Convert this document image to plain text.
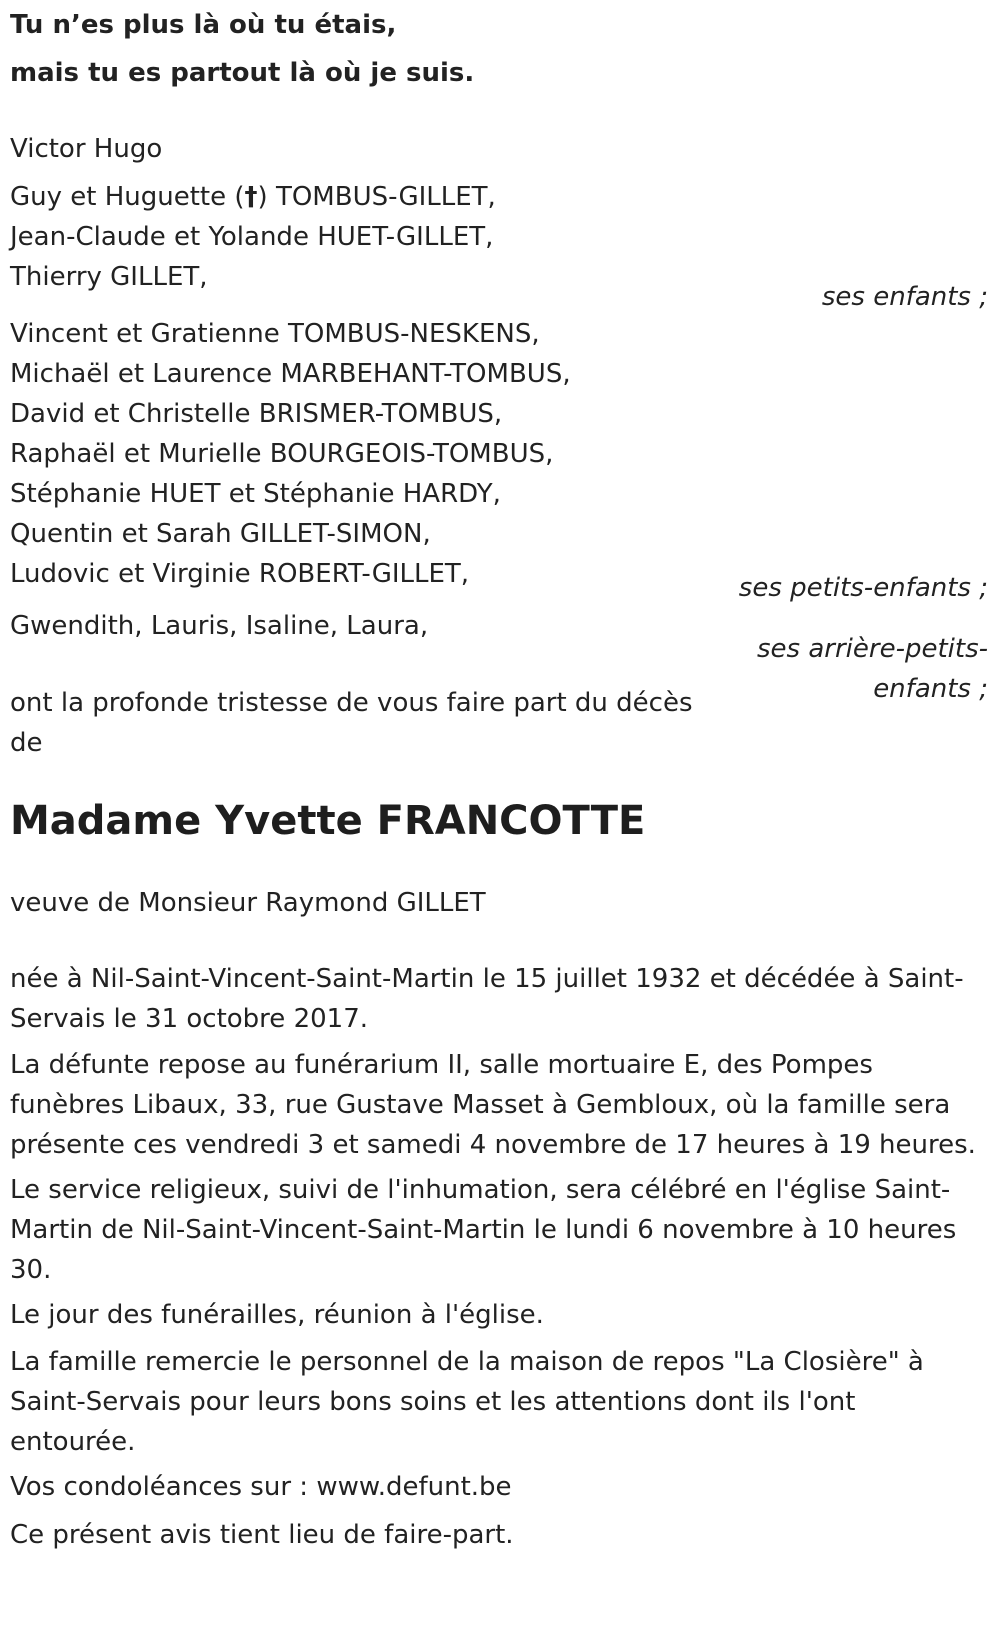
Tu n’es plus là où tu étais,

mais tu es partout là où je suis.

Victor Hugo

Guy et Huguette (†) TOMBUS-GILLET,
Jean-Claude et Yolande HUET-GILLET,
Thierry GILLET,
ses enfants ;
Vincent et Gratienne TOMBUS-NESKENS,
Michaël et Laurence MARBEHANT-TOMBUS,
David et Christelle BRISMER-TOMBUS,
Raphaël et Murielle BOURGEOIS-TOMBUS,
Stéphanie HUET et Stéphanie HARDY,
Quentin et Sarah GILLET-SIMON,
Ludovic et Virginie ROBERT-GILLET,	ses petits-enfants ;

Gwendith, Lauris, Isaline, Laura,

ses arrière-petits-
enfants ;
ont la profonde tristesse de vous faire part du décès
de
Madame Yvette FRANCOTTE

veuve de Monsieur Raymond GILLET

née à Nil-Saint-Vincent-Saint-Martin le 15 juillet 1932 et décédée à Saint-
Servais le 31 octobre 2017.
La défunte repose au funérarium II, salle mortuaire E, des Pompes
funèbres Libaux, 33, rue Gustave Masset à Gembloux, où la famille sera
présente ces vendredi 3 et samedi 4 novembre de 17 heures à 19 heures.
Le service religieux, suivi de l'inhumation, sera célébré en l'église Saint-
Martin de Nil-Saint-Vincent-Saint-Martin le lundi 6 novembre à 10 heures
30.
Le jour des funérailles, réunion à l'église.
La famille remercie le personnel de la maison de repos "La Closière" à
Saint-Servais pour leurs bons soins et les attentions dont ils l'ont
entourée.
Vos condoléances sur : www.defunt.be
Ce présent avis tient lieu de faire-part.
